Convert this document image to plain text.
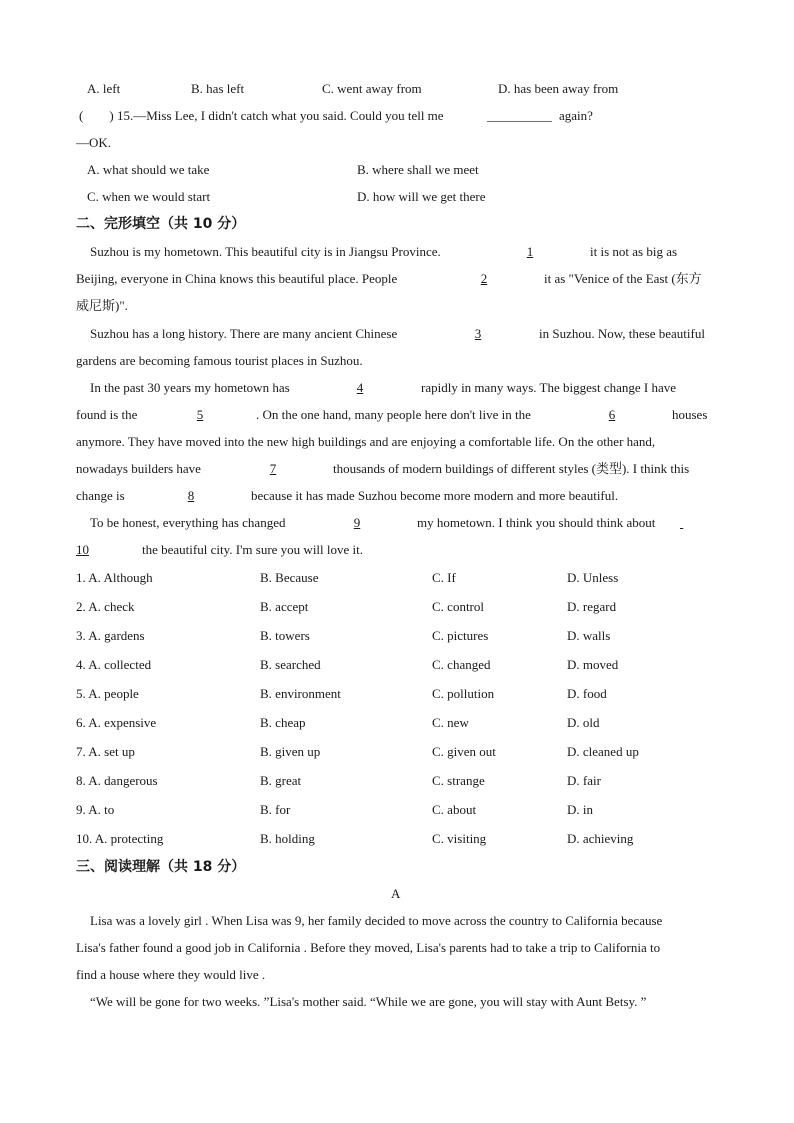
A. left	B. has left	C. went away from	D. has been away from
(　　) 15.—Miss Lee, I didn't catch what you said. Could you tell me	__________ again?
—OK.
A. what should we take	B. where shall we meet
C. when we would start	D. how will we get there
二、完形填空（共 10 分）
Suzhou is my hometown. This beautiful city is in Jiangsu Province.	1	it is not as big as
Beijing, everyone in China knows this beautiful place. People	2	it as "Venice of the East (东方
威尼斯)".
Suzhou has a long history. There are many ancient Chinese	3	in Suzhou. Now, these beautiful
gardens are becoming famous tourist places in Suzhou.
In the past 30 years my hometown has	4	rapidly in many ways. The biggest change I have
found is the	5	. On the one hand, many people here don't live in the	6	houses
anymore. They have moved into the new high buildings and are enjoying a comfortable life. On the other hand,
nowadays builders have	7	thousands of modern buildings of different styles (类型). I think this
change is	8	because it has made Suzhou become more modern and more beautiful.
To be honest, everything has changed	9	my hometown. I think you should think about

10	the beautiful city. I'm sure you will love it.
1. A. Although	B. Because	C. If	D. Unless
2. A. check	B. accept	C. control	D. regard
3. A. gardens	B. towers	C. pictures	D. walls
4. A. collected	B. searched	C. changed	D. moved
5. A. people	B. environment	C. pollution	D. food
6. A. expensive	B. cheap	C. new	D. old
7. A. set up	B. given up	C. given out	D. cleaned up
8. A. dangerous	B. great	C. strange	D. fair
9. A. to	B. for	C. about	D. in
10. A. protecting	B. holding	C. visiting	D. achieving
三、阅读理解（共 18 分）
A
Lisa was a lovely girl . When Lisa was 9, her family decided to move across the country to California because
Lisa's father found a good job in California . Before they moved, Lisa's parents had to take a trip to California to
find a house where they would live .
“We will be gone for two weeks. ”Lisa's mother said. “While we are gone, you will stay with Aunt Betsy. ”
